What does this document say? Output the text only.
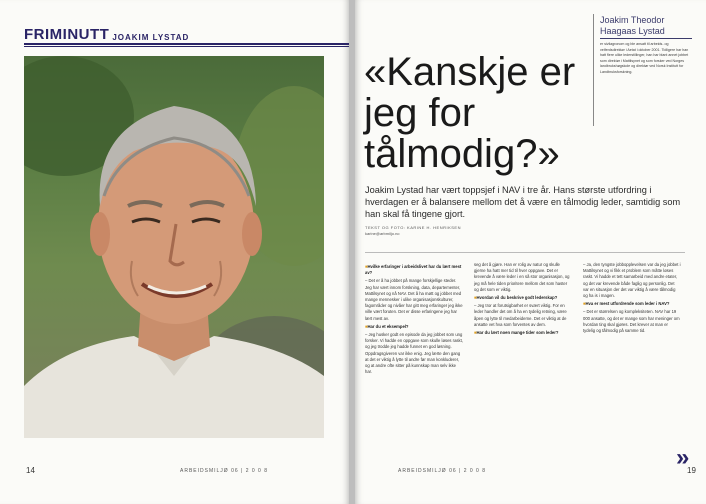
FRIMINUTT JOAKIM LYSTAD
14	ARBEIDSMILJØ 06 | 2 0 0 8
Joakim Theodor Haagaas Lystad
er sivilagronom og ble ansatt til arbeids- og velferdsdirektør i Aetat i oktober 2001. Tidligere har han hatt flere ulike lederstillinger, han har blant annet jobbet som direktør i Mattilsynet og som forsker ved Norges landbrukshøgskole og direktør ved Norsk Institutt for Landbruksforskning.
«Kanskje er jeg for tålmodig?»
Joakim Lystad har vært toppsjef i NAV i tre år. Hans største utfordring i hverdagen er å balansere mellom det å være en tålmodig leder, samtidig som han skal få tingene gjort.
TEKST OG FOTO: KARINE H. HENRIKSEN
karine@arbmiljo.no
■ Hvilke erfaringer i arbeidslivet har du lært mest av?
– Det er å ha jobbet på mange forskjellige steder. Jeg har vært innom forskning, data, departementer, Mattilsynet og nå NAV. Det å ha møtt og jobbet med mange mennesker i ulike organisasjonskulturer, fagområder og nivåer har gitt meg erfaringer jeg ikke ville vært foruten. Det er disse erfaringene jeg har lært mest av.
■ Har du et eksempel?
– Jeg husker godt en episode da jeg jobbet som ung forsker. Vi hadde en oppgave som skulle løses raskt, og jeg trodde jeg hadde funnet en god løsning. Oppdragsgiveren var ikke enig. Jeg lærte den gang at det er viktig å lytte til andre før man konkluderer, og at andre ofte sitter på kunnskap man selv ikke har.
seg det å gjøre. Han er rolig av natur og skulle gjerne ha hatt mer tid til hver oppgave. Det er krevende å være leder i en så stor organisasjon, og jeg må hele tiden prioritere mellom det som haster og det som er viktig.
■ Hvordan vil du beskrive godt lederskap?
– Jeg tror at forutsigbarhet er svært viktig. For en leder handler det om å ha en tydelig retning, være åpen og lytte til medarbeiderne. Det er viktig at de ansatte vet hva som forventes av dem.
■ Har du lært noen mange tider som leder?
– Ja, den tyngste jobbopplevelsen var da jeg jobbet i Mattilsynet og vi fikk et problem som måtte løses raskt. Vi hadde et tett samarbeid med andre etater, og det var krevende både faglig og personlig. Det var en situasjon der det var viktig å være tålmodig og ha is i magen.
■ Hva er mest utfordrende som leder i NAV?
– Det er størrelsen og kompleksiteten. NAV har 19 000 ansatte, og det er mange som har meninger om hvordan ting skal gjøres. Det krever at man er tydelig og tålmodig på samme tid.
»
19
ARBEIDSMILJØ 06 | 2 0 0 8
